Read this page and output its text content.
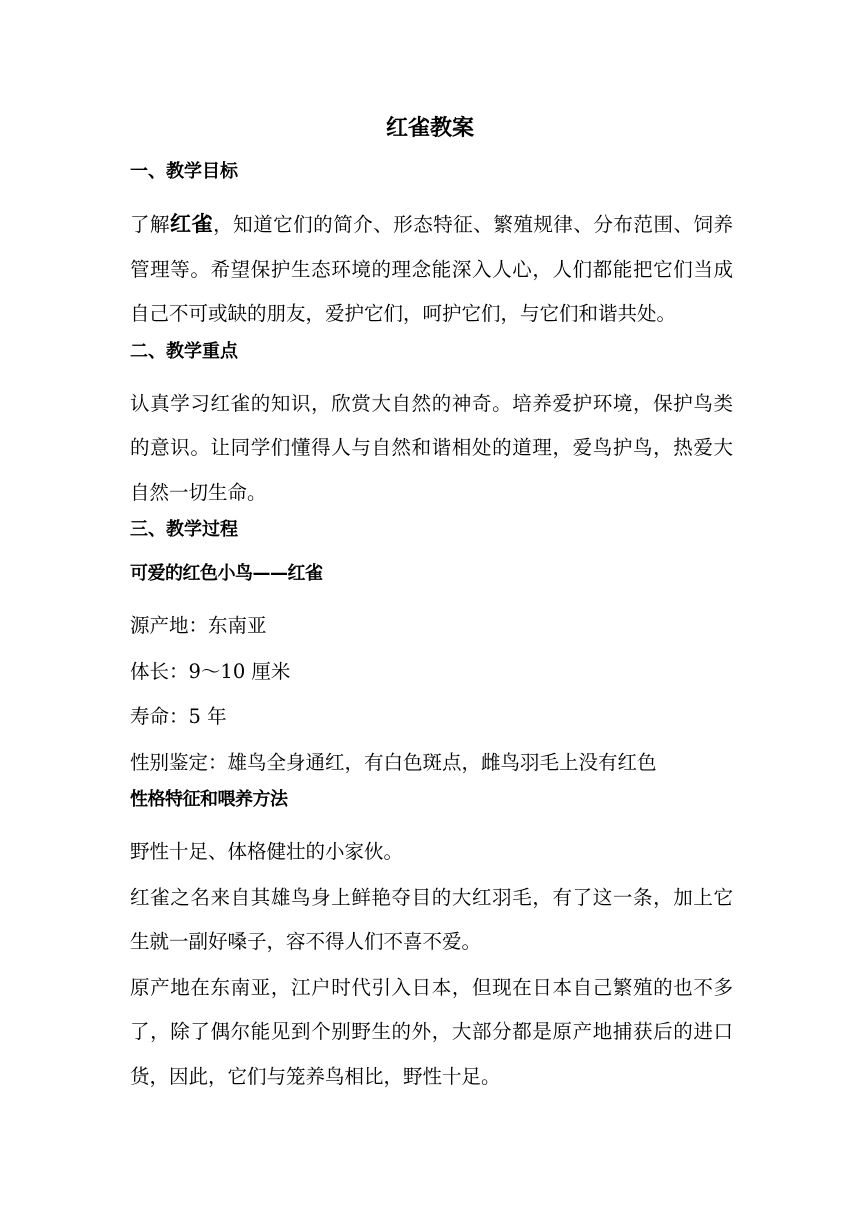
红雀教案
一、教学目标

了解红雀，知道它们的简介、形态特征、繁殖规律、分布范围、饲养管理等。希望保护生态环境的理念能深入人心，人们都能把它们当成自己不可或缺的朋友，爱护它们，呵护它们，与它们和谐共处。

二、教学重点

认真学习红雀的知识，欣赏大自然的神奇。培养爱护环境，保护鸟类的意识。让同学们懂得人与自然和谐相处的道理，爱鸟护鸟，热爱大自然一切生命。

三、教学过程
可爱的红色小鸟——红雀

源产地：东南亚

体长：9～10 厘米

寿命：5 年

性别鉴定：雄鸟全身通红，有白色斑点，雌鸟羽毛上没有红色

性格特征和喂养方法

野性十足、体格健壮的小家伙。

红雀之名来自其雄鸟身上鲜艳夺目的大红羽毛，有了这一条，加上它生就一副好嗓子，容不得人们不喜不爱。

原产地在东南亚，江户时代引入日本，但现在日本自己繁殖的也不多了，除了偶尔能见到个别野生的外，大部分都是原产地捕获后的进口货，因此，它们与笼养鸟相比，野性十足。
